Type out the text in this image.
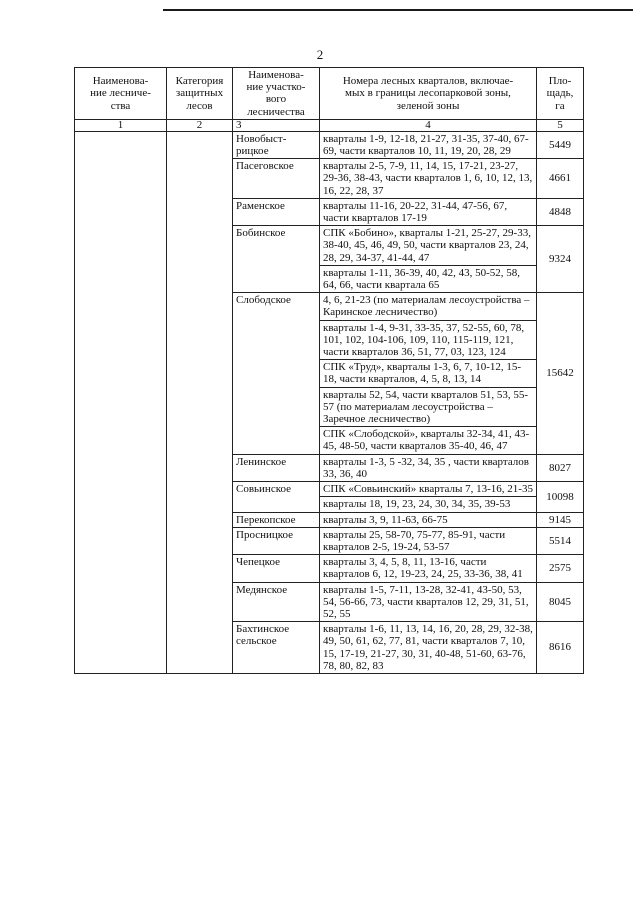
2
Наименова-
ние лесниче-
ства	Категория
защитных
лесов	Наименова-
ние участко-
вого
лесничества	Номера лесных кварталов, включае-
мых в границы лесопарковой зоны,
зеленой зоны	Пло-
щадь,
га
1	2	3	4	5
		Новобыст-
рицкое	кварталы 1-9, 12-18, 21-27, 31-35, 37-40, 67-69, части кварталов 10, 11, 19, 20, 28, 29	5449
		Пасеговское	кварталы 2-5, 7-9, 11, 14, 15, 17-21, 23-27, 29-36, 38-43, части кварталов 1, 6, 10, 12, 13, 16, 22, 28, 37	4661
		Раменское	кварталы 11-16, 20-22, 31-44, 47-56, 67, части кварталов 17-19	4848
		Бобинское	СПК «Бобино», кварталы 1-21, 25-27, 29-33, 38-40, 45, 46, 49, 50, части кварталов 23, 24, 28, 29, 34-37, 41-44, 47	9324
			кварталы 1-11, 36-39, 40, 42, 43, 50-52, 58, 64, 66, части квартала 65	
		Слободское	4, 6, 21-23 (по материалам лесоустройства – Каринское лесничество)	15642
			кварталы 1-4, 9-31, 33-35, 37, 52-55, 60, 78, 101, 102, 104-106, 109, 110, 115-119, 121, части кварталов 36, 51, 77, 03, 123, 124	
			СПК «Труд», кварталы 1-3, 6, 7, 10-12, 15-18, части кварталов, 4, 5, 8, 13, 14	
			кварталы 52, 54, части кварталов 51, 53, 55-57 (по материалам лесоустройства – Заречное лесничество)	
			СПК «Слободской», кварталы 32-34, 41, 43-45, 48-50, части кварталов 35-40, 46, 47	
		Ленинское	кварталы 1-3, 5 -32, 34, 35 , части кварталов 33, 36, 40	8027
		Совьинское	СПК «Совьинский» кварталы 7, 13-16, 21-35	10098
			кварталы 18, 19, 23, 24, 30, 34, 35, 39-53	
		Перекопское	кварталы 3, 9, 11-63, 66-75	9145
		Просницкое	кварталы 25, 58-70, 75-77, 85-91, части кварталов 2-5, 19-24, 53-57	5514
		Чепецкое	кварталы 3, 4, 5, 8, 11, 13-16, части кварталов 6, 12, 19-23, 24, 25, 33-36, 38, 41	2575
		Медянское	кварталы 1-5, 7-11, 13-28, 32-41, 43-50, 53, 54, 56-66, 73, части кварталов 12, 29, 31, 51, 52, 55	8045
		Бахтинское
сельское	кварталы 1-6, 11, 13, 14, 16, 20, 28, 29, 32-38, 49, 50, 61, 62, 77, 81, части кварталов 7, 10, 15, 17-19, 21-27, 30, 31, 40-48, 51-60, 63-76, 78, 80, 82, 83	8616
